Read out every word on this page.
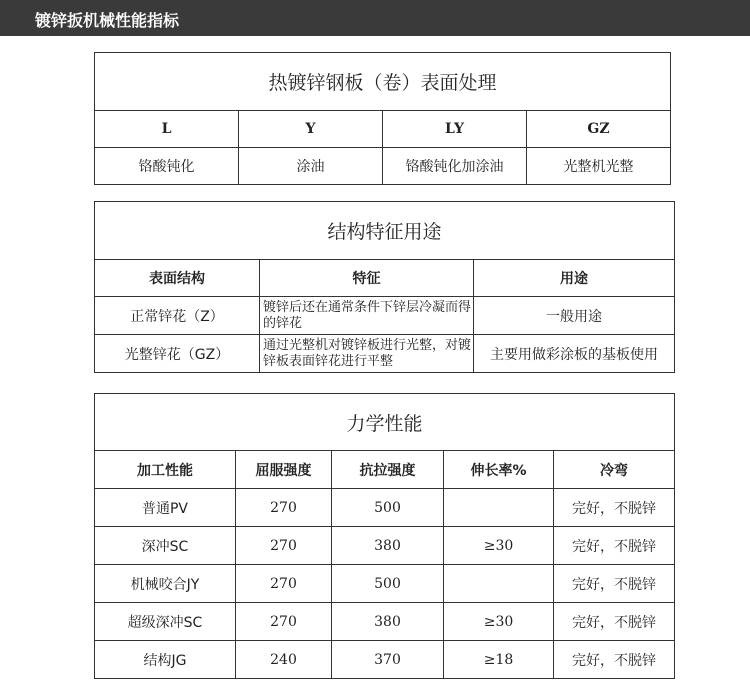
镀锌扳机械性能指标
热镀锌钢板（卷）表面处理			
L	Y	LY	GZ
铬酸钝化	涂油	铬酸钝化加涂油	光整机光整
结构特征用途		
表面结构	特征	用途
正常锌花（Z）	镀锌后还在通常条件下锌层冷凝而得的锌花	一般用途
光整锌花（GZ）	通过光整机对镀锌板进行光整，对镀锌板表面锌花进行平整	主要用做彩涂板的基板使用
力学性能				
加工性能	屈服强度	抗拉强度	伸长率%	冷弯
普通PV	270	500		完好，不脱锌
深冲SC	270	380	≥30	完好，不脱锌
机械咬合JY	270	500		完好，不脱锌
超级深冲SC	270	380	≥30	完好，不脱锌
结构JG	240	370	≥18	完好，不脱锌
